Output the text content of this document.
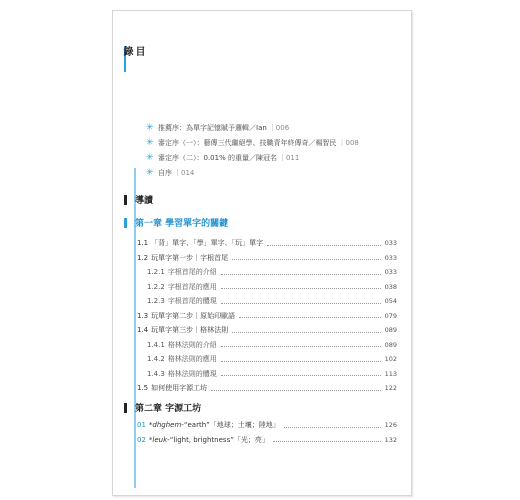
目錄
✳ 推薦序：為單字記憶賦予邏輯／Ian ｜006
✳ 審定序（一）：藝傳三代繼絕學、技職青年終傳奇／楊智民 ｜008
✳ 審定序（二）：0.01% 的重量／陳冠名 ｜011
✳ 自序 ｜014
導讀
第一章 學習單字的關鍵
1.1 「背」單字、「學」單字、「玩」單字	033
1.2 玩單字第一步｜字根首尾	033
1.2.1 字根首尾的介紹	033
1.2.2 字根首尾的應用	038
1.2.3 字根首尾的體現	054
1.3 玩單字第二步｜原始印歐語	079
1.4 玩單字第三步｜格林法則	089
1.4.1 格林法則的介紹	089
1.4.2 格林法則的應用	102
1.4.3 格林法則的體現	113
1.5 如何使用字源工坊	122
第二章 字源工坊
01 *dhghem- “earth”「地球；土壤；陸地」	126
02 *leuk- “light, brightness”「光；亮」	132
